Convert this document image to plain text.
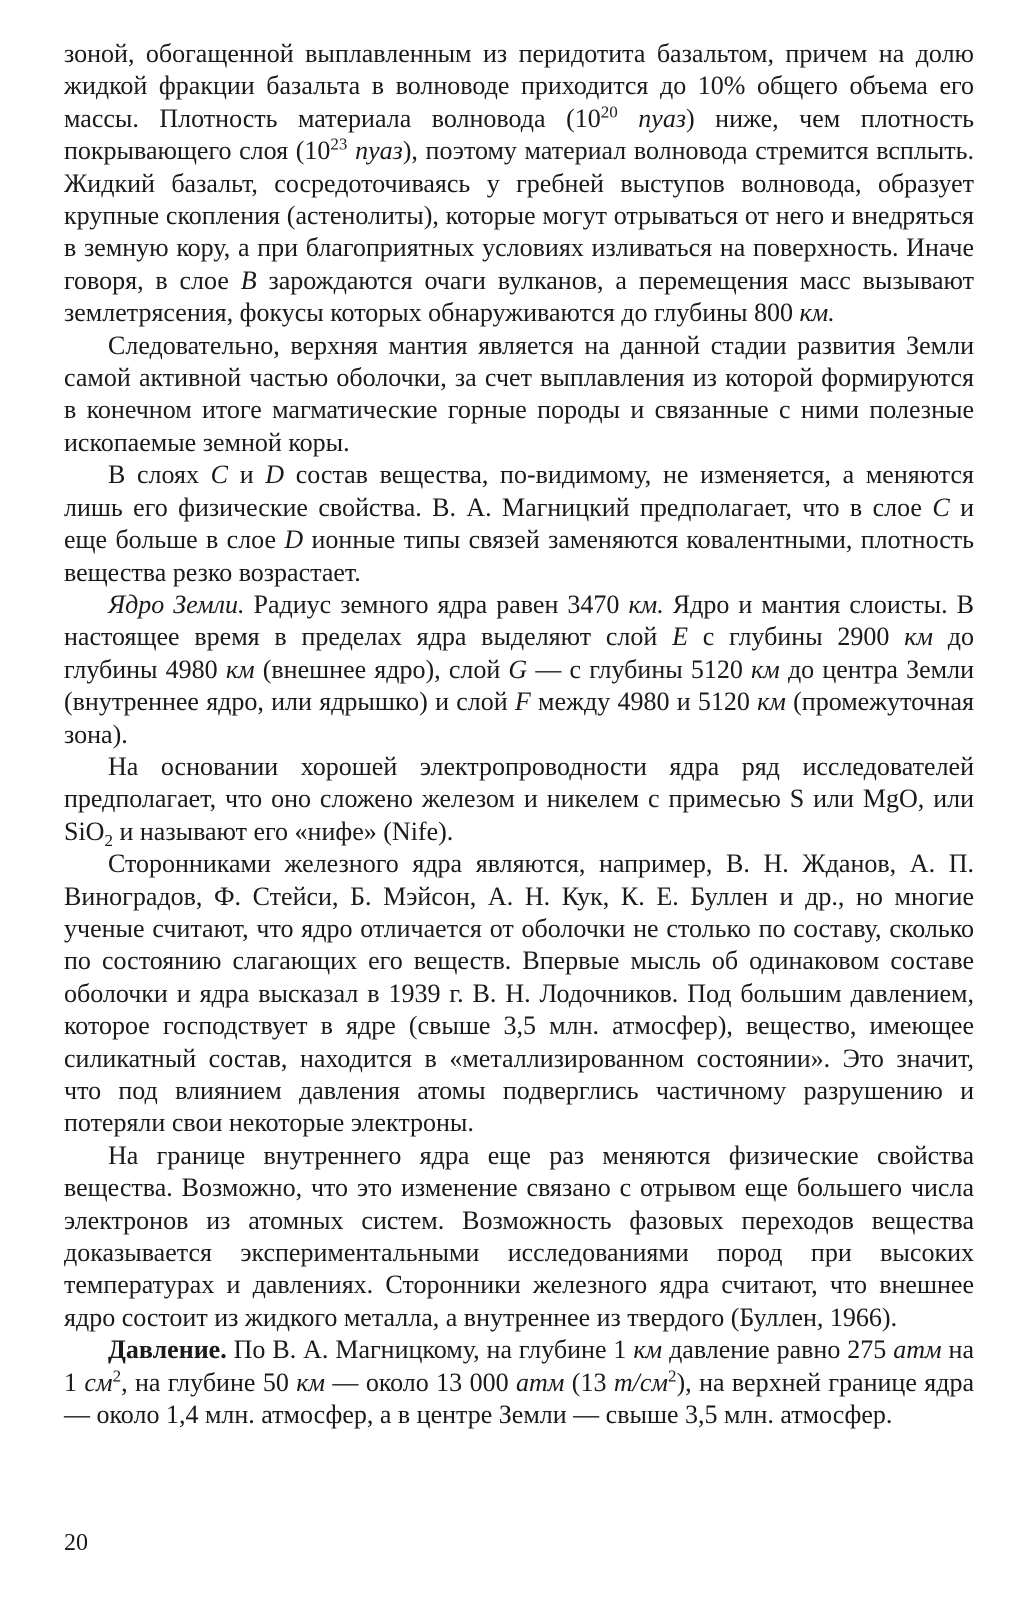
зоной, обогащенной выплавленным из перидотита базальтом, причем на долю жидкой фракции базальта в волноводе приходится до 10% общего объема его массы. Плотность материала волновода ($10^{20}$ пуаз) ниже, чем плотность покрывающего слоя ($10^{23}$ пуаз), поэтому материал волновода стремится всплыть. Жидкий базальт, сосредоточиваясь у гребней выступов волновода, образует крупные скопления (астенолиты), которые могут отрываться от него и внедряться в земную кору, а при благоприятных условиях изливаться на поверхность. Иначе говоря, в слое В зарождаются очаги вулканов, а перемещения масс вызывают землетрясения, фокусы которых обнаруживаются до глубины 800 км.

Следовательно, верхняя мантия является на данной стадии развития Земли самой активной частью оболочки, за счет выплавления из которой формируются в конечном итоге магматические горные породы и связанные с ними полезные ископаемые земной коры.

В слоях С и D состав вещества, по-видимому, не изменяется, а меняются лишь его физические свойства. В. А. Магницкий предполагает, что в слое С и еще больше в слое D ионные типы связей заменяются ковалентными, плотность вещества резко возрастает.

Ядро Земли. Радиус земного ядра равен 3470 км. Ядро и мантия слоисты. В настоящее время в пределах ядра выделяют слой Е с глубины 2900 км до глубины 4980 км (внешнее ядро), слой G — с глубины 5120 км до центра Земли (внутреннее ядро, или ядрышко) и слой F между 4980 и 5120 км (промежуточная зона).

На основании хорошей электропроводности ядра ряд исследователей предполагает, что оно сложено железом и никелем с примесью S или MgO, или SiO$_2$ и называют его «нифе» (Nife).

Сторонниками железного ядра являются, например, В. Н. Жданов, А. П. Виноградов, Ф. Стейси, Б. Мэйсон, А. Н. Кук, К. Е. Буллен и др., но многие ученые считают, что ядро отличается от оболочки не столько по составу, сколько по состоянию слагающих его веществ. Впервые мысль об одинаковом составе оболочки и ядра высказал в 1939 г. В. Н. Лодочников. Под большим давлением, которое господствует в ядре (свыше 3,5 млн. атмосфер), вещество, имеющее силикатный состав, находится в «металлизированном состоянии». Это значит, что под влиянием давления атомы подверглись частичному разрушению и потеряли свои некоторые электроны.

На границе внутреннего ядра еще раз меняются физические свойства вещества. Возможно, что это изменение связано с отрывом еще большего числа электронов из атомных систем. Возможность фазовых переходов вещества доказывается экспериментальными исследованиями пород при высоких температурах и давлениях. Сторонники железного ядра считают, что внешнее ядро состоит из жидкого металла, а внутреннее из твердого (Буллен, 1966).

Давление. По В. А. Магницкому, на глубине 1 км давление равно 275 атм на 1 $см^2$, на глубине 50 км — около 13 000 атм (13 $т/см^2$), на верхней границе ядра — около 1,4 млн. атмосфер, а в центре Земли — свыше 3,5 млн. атмосфер.

20
